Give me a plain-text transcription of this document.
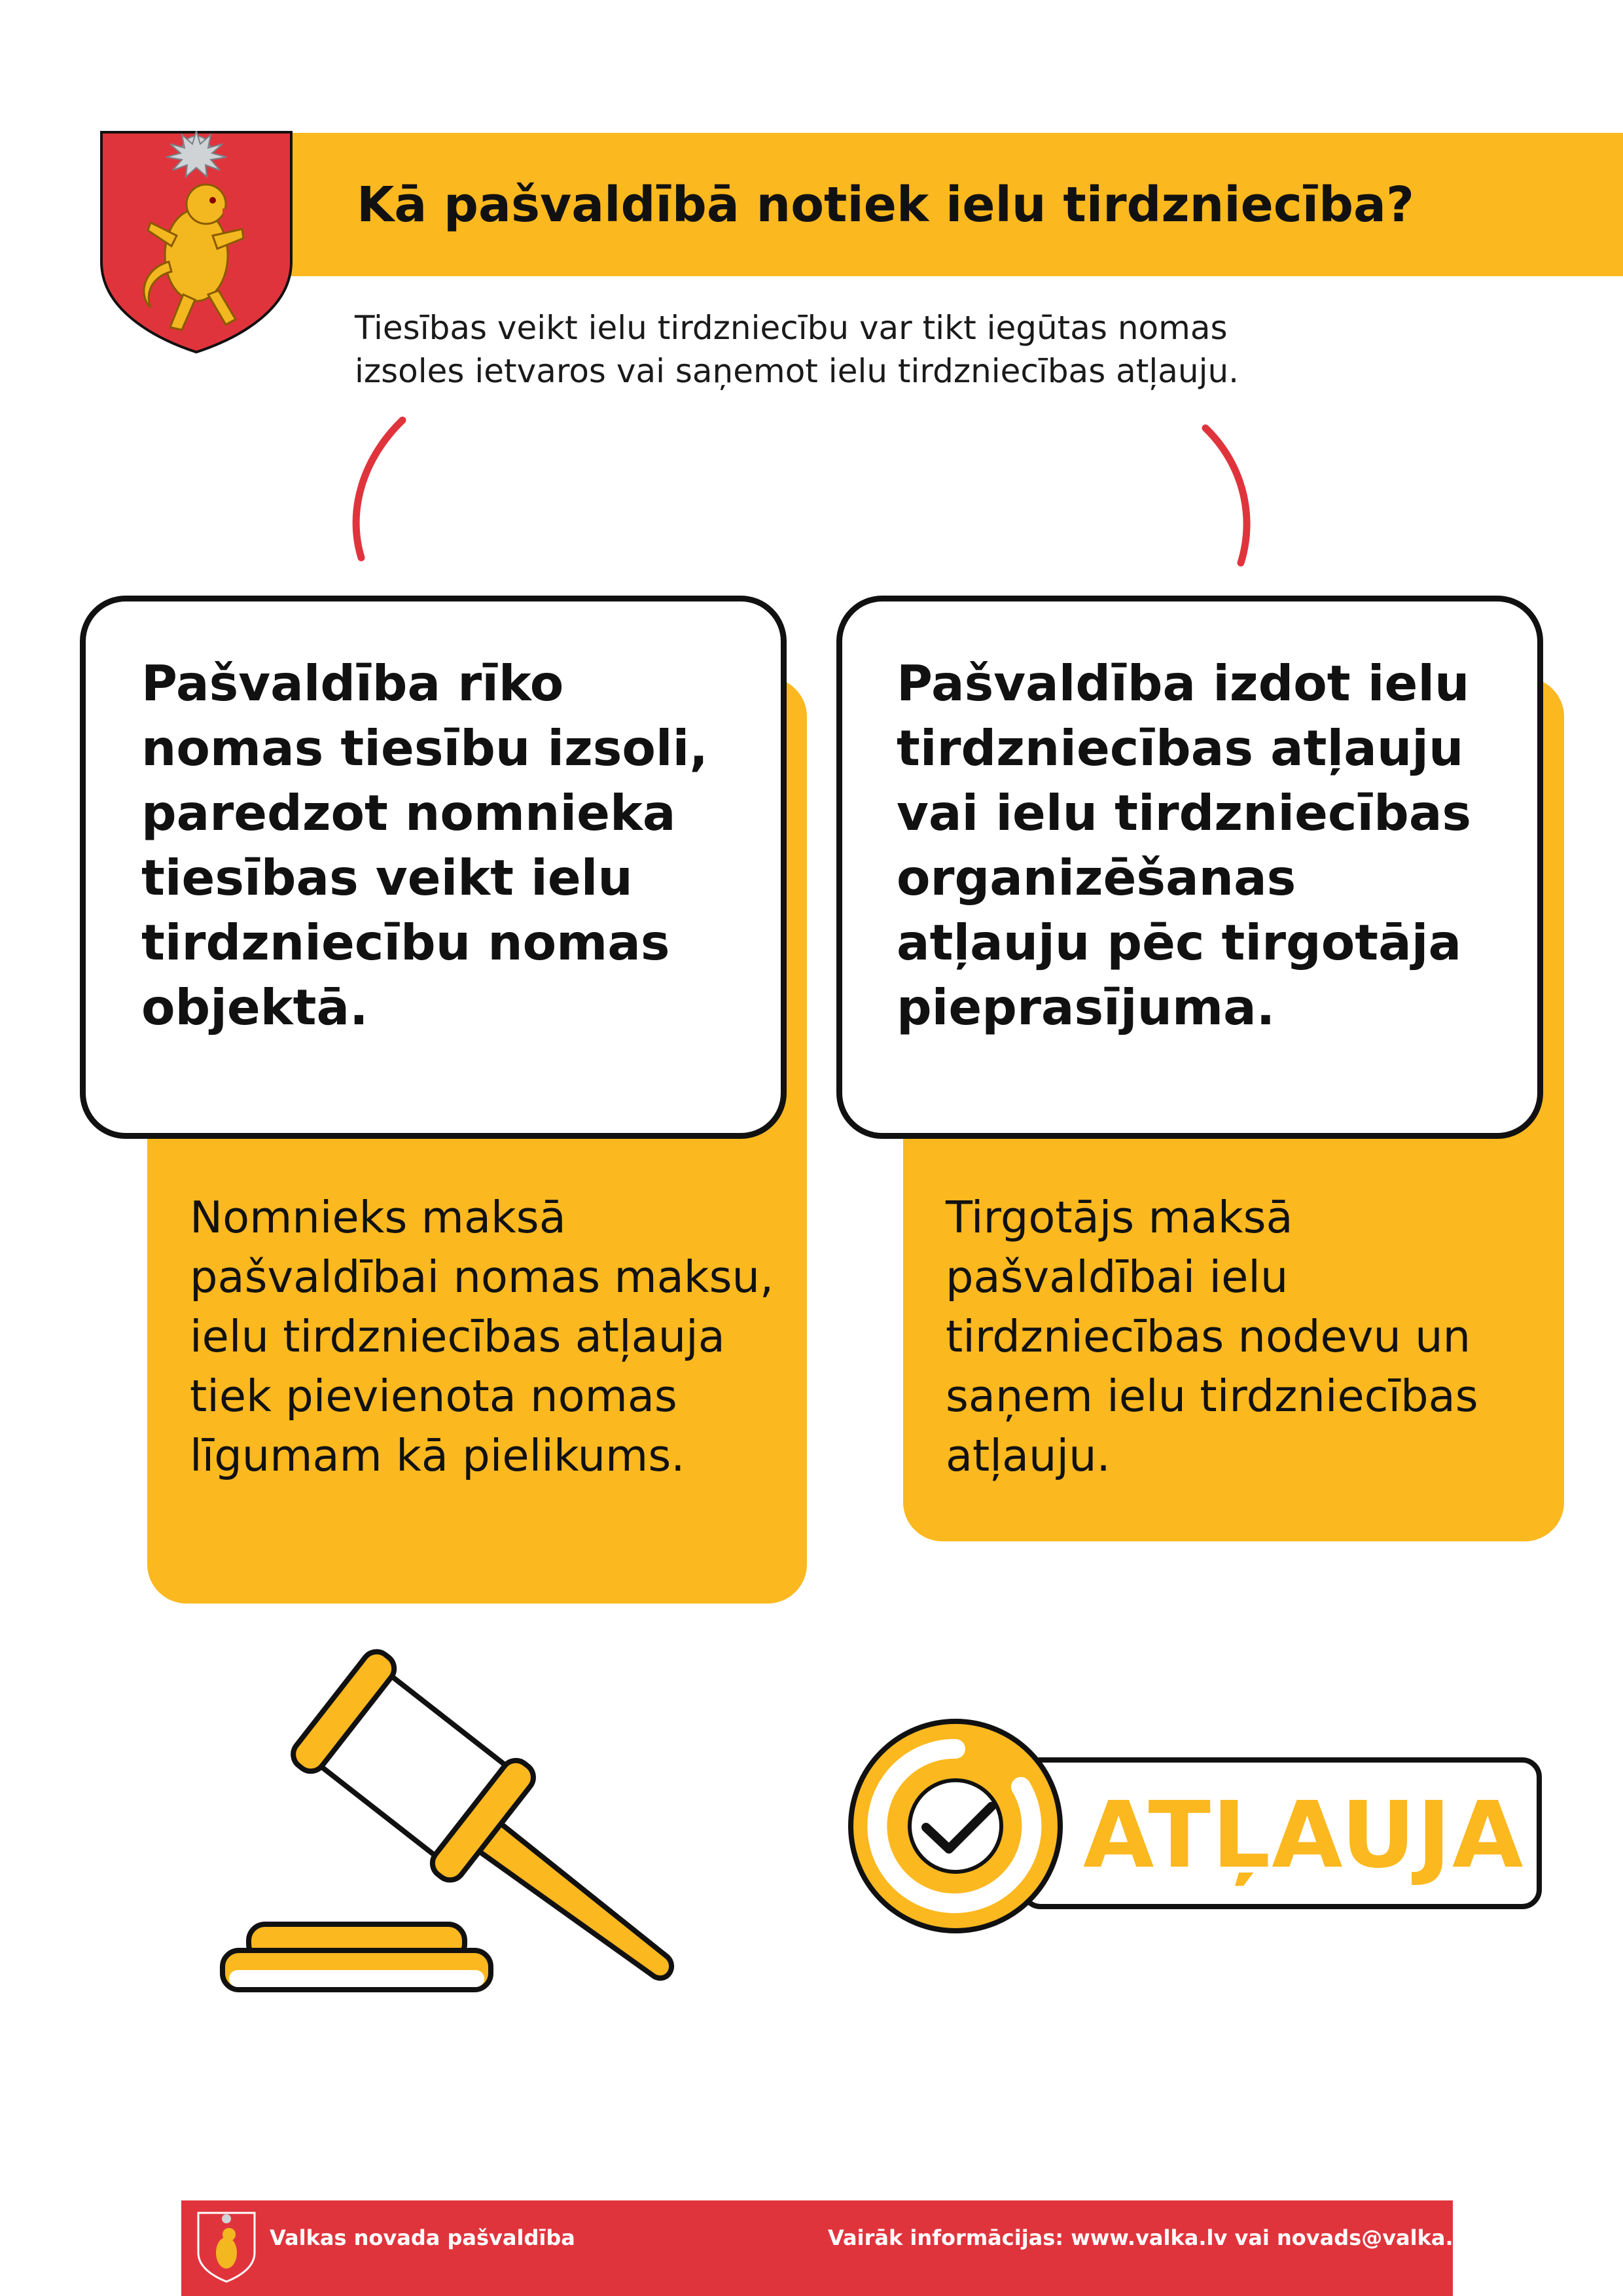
Kā pašvaldībā notiek ielu tirdzniecība?
Tiesības veikt ielu tirdzniecību var tikt iegūtas nomas
izsoles ietvaros vai saņemot ielu tirdzniecības atļauju.
Pašvaldība rīko nomas tiesību izsoli, paredzot nomnieka tiesības veikt ielu tirdzniecību nomas objektā.
Nomnieks maksā pašvaldībai nomas maksu, ielu tirdzniecības atļauja tiek pievienota nomas līgumam kā pielikums.
Pašvaldība izdot ielu tirdzniecības atļauju vai ielu tirdzniecības organizēšanas atļauju pēc tirgotāja pieprasījuma.
Tirgotājs maksā pašvaldībai ielu tirdzniecības nodevu un saņem ielu tirdzniecības atļauju.
ATĻAUJA
Valkas novada pašvaldība	Vairāk informācijas: www.valka.lv vai novads@valka.lv
